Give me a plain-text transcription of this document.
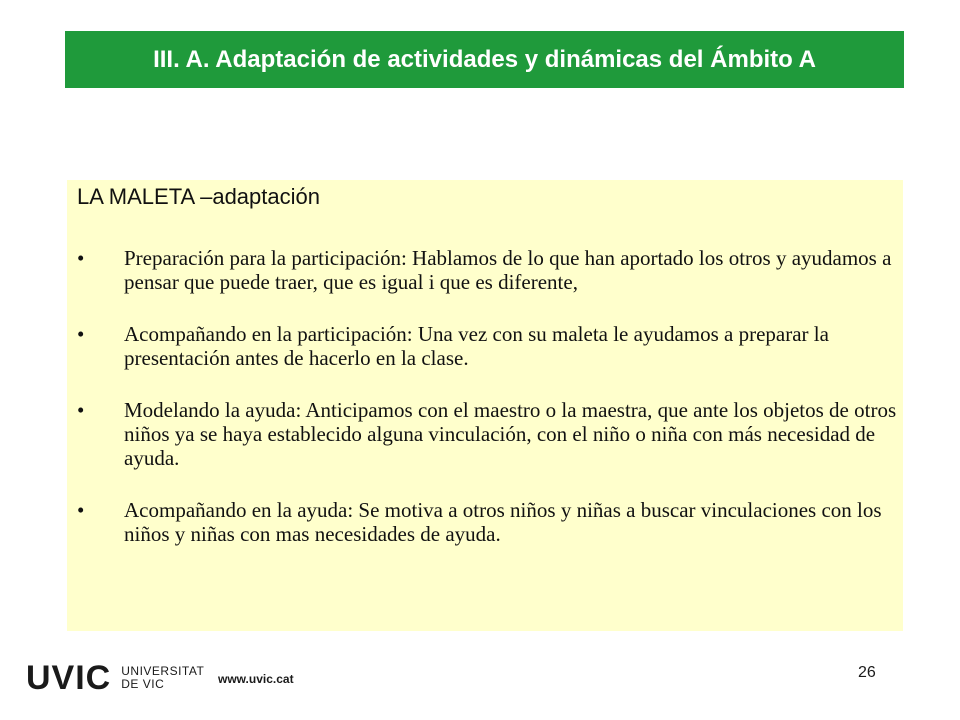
III. A. Adaptación de actividades y dinámicas del Ámbito A
LA MALETA –adaptación
• Preparación para la participación: Hablamos de lo que han aportado los otros y ayudamos a pensar que puede traer, que es igual i que es diferente,
• Acompañando en la participación: Una vez con su maleta le ayudamos a preparar la presentación antes de hacerlo en la clase.
• Modelando la ayuda: Anticipamos con el maestro o la maestra, que ante los objetos de otros niños ya se haya establecido alguna vinculación, con el niño o niña con más necesidad de ayuda.
• Acompañando en la ayuda: Se motiva a otros niños y niñas a buscar vinculaciones con los niños y niñas con mas necesidades de ayuda.
UVIC UNIVERSITAT
DE VIC	www.uvic.cat	26
